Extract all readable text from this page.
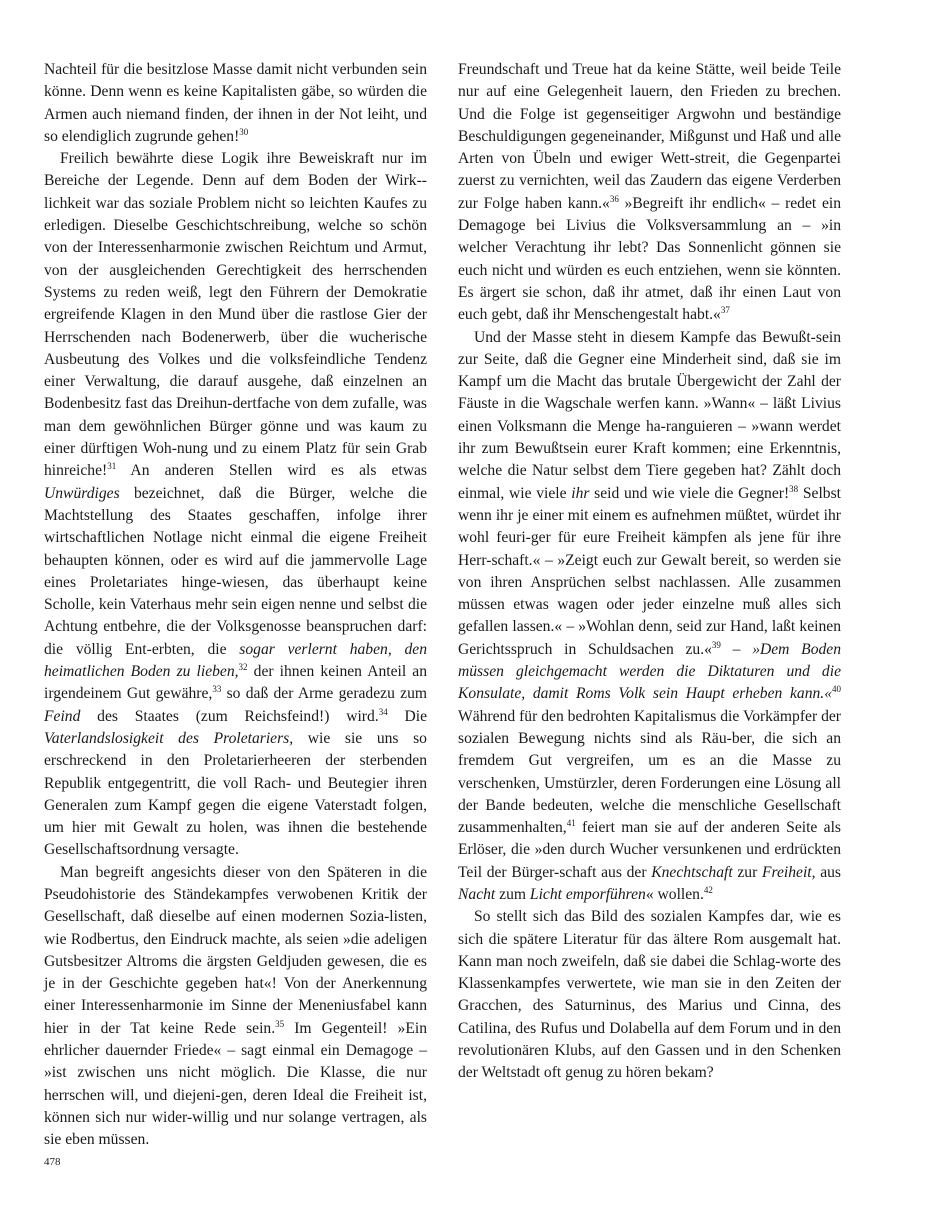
Nachteil für die besitzlose Masse damit nicht verbunden sein könne. Denn wenn es keine Kapitalisten gäbe, so würden die Armen auch niemand finden, der ihnen in der Not leiht, und so elendiglich zugrunde gehen!$^{30}$

Freilich bewährte diese Logik ihre Beweiskraft nur im Bereiche der Legende. Denn auf dem Boden der Wirk-lichkeit war das soziale Problem nicht so leichten Kaufes zu erledigen. Dieselbe Geschichtschreibung, welche so schön von der Interessenharmonie zwischen Reichtum und Armut, von der ausgleichenden Gerechtigkeit des herrschenden Systems zu reden weiß, legt den Führern der Demokratie ergreifende Klagen in den Mund über die rastlose Gier der Herrschenden nach Bodenerwerb, über die wucherische Ausbeutung des Volkes und die volksfeindliche Tendenz einer Verwaltung, die darauf ausgehe, daß einzelnen an Bodenbesitz fast das Dreihun-dertfache von dem zufalle, was man dem gewöhnlichen Bürger gönne und was kaum zu einer dürftigen Woh-nung und zu einem Platz für sein Grab hinreiche!$^{31}$ An anderen Stellen wird es als etwas Unwürdiges bezeichnet, daß die Bürger, welche die Machtstellung des Staates geschaffen, infolge ihrer wirtschaftlichen Notlage nicht einmal die eigene Freiheit behaupten können, oder es wird auf die jammervolle Lage eines Proletariates hinge-wiesen, das überhaupt keine Scholle, kein Vaterhaus mehr sein eigen nenne und selbst die Achtung entbehre, die der Volksgenosse beanspruchen darf: die völlig Ent-erbten, die sogar verlernt haben, den heimatlichen Boden zu lieben,$^{32}$ der ihnen keinen Anteil an irgendeinem Gut gewähre,$^{33}$ so daß der Arme geradezu zum Feind des Staates (zum Reichsfeind!) wird.$^{34}$ Die Vaterlandslosigkeit des Proletariers, wie sie uns so erschreckend in den Proletarierheeren der sterbenden Republik entgegentritt, die voll Rach- und Beutegier ihren Generalen zum Kampf gegen die eigene Vaterstadt folgen, um hier mit Gewalt zu holen, was ihnen die bestehende Gesellschaftsordnung versagte.

Man begreift angesichts dieser von den Späteren in die Pseudohistorie des Ständekampfes verwobenen Kritik der Gesellschaft, daß dieselbe auf einen modernen Sozia-listen, wie Rodbertus, den Eindruck machte, als seien »die adeligen Gutsbesitzer Altroms die ärgsten Geldjuden gewesen, die es je in der Geschichte gegeben hat«! Von der Anerkennung einer Interessenharmonie im Sinne der Meneniusfabel kann hier in der Tat keine Rede sein.$^{35}$ Im Gegenteil! »Ein ehrlicher dauernder Friede« – sagt einmal ein Demagoge – »ist zwischen uns nicht möglich. Die Klasse, die nur herrschen will, und diejeni-gen, deren Ideal die Freiheit ist, können sich nur wider-willig und nur solange vertragen, als sie eben müssen.

Freundschaft und Treue hat da keine Stätte, weil beide Teile nur auf eine Gelegenheit lauern, den Frieden zu brechen. Und die Folge ist gegenseitiger Argwohn und beständige Beschuldigungen gegeneinander, Mißgunst und Haß und alle Arten von Übeln und ewiger Wett-streit, die Gegenpartei zuerst zu vernichten, weil das Zaudern das eigene Verderben zur Folge haben kann.«$^{36}$ »Begreift ihr endlich« – redet ein Demagoge bei Livius die Volksversammlung an – »in welcher Verachtung ihr lebt? Das Sonnenlicht gönnen sie euch nicht und würden es euch entziehen, wenn sie könnten. Es ärgert sie schon, daß ihr atmet, daß ihr einen Laut von euch gebt, daß ihr Menschengestalt habt.«$^{37}$

Und der Masse steht in diesem Kampfe das Bewußt-sein zur Seite, daß die Gegner eine Minderheit sind, daß sie im Kampf um die Macht das brutale Übergewicht der Zahl der Fäuste in die Wagschale werfen kann. »Wann« – läßt Livius einen Volksmann die Menge ha-ranguieren – »wann werdet ihr zum Bewußtsein eurer Kraft kommen; eine Erkenntnis, welche die Natur selbst dem Tiere gegeben hat? Zählt doch einmal, wie viele ihr seid und wie viele die Gegner!$^{38}$ Selbst wenn ihr je einer mit einem es aufnehmen müßtet, würdet ihr wohl feuri-ger für eure Freiheit kämpfen als jene für ihre Herr-schaft.« – »Zeigt euch zur Gewalt bereit, so werden sie von ihren Ansprüchen selbst nachlassen. Alle zusammen müssen etwas wagen oder jeder einzelne muß alles sich gefallen lassen.« – »Wohlan denn, seid zur Hand, laßt keinen Gerichtsspruch in Schuldsachen zu.«$^{39}$ – »Dem Boden müssen gleichgemacht werden die Diktaturen und die Konsulate, damit Roms Volk sein Haupt erheben kann.«$^{40}$ Während für den bedrohten Kapitalismus die Vorkämpfer der sozialen Bewegung nichts sind als Räu-ber, die sich an fremdem Gut vergreifen, um es an die Masse zu verschenken, Umstürzler, deren Forderungen eine Lösung all der Bande bedeuten, welche die menschliche Gesellschaft zusammenhalten,$^{41}$ feiert man sie auf der anderen Seite als Erlöser, die »den durch Wucher versunkenen und erdrückten Teil der Bürger-schaft aus der Knechtschaft zur Freiheit, aus Nacht zum Licht emporführen« wollen.$^{42}$

So stellt sich das Bild des sozialen Kampfes dar, wie es sich die spätere Literatur für das ältere Rom ausgemalt hat. Kann man noch zweifeln, daß sie dabei die Schlag-worte des Klassenkampfes verwertete, wie man sie in den Zeiten der Gracchen, des Saturninus, des Marius und Cinna, des Catilina, des Rufus und Dolabella auf dem Forum und in den revolutionären Klubs, auf den Gassen und in den Schenken der Weltstadt oft genug zu hören bekam?

478
